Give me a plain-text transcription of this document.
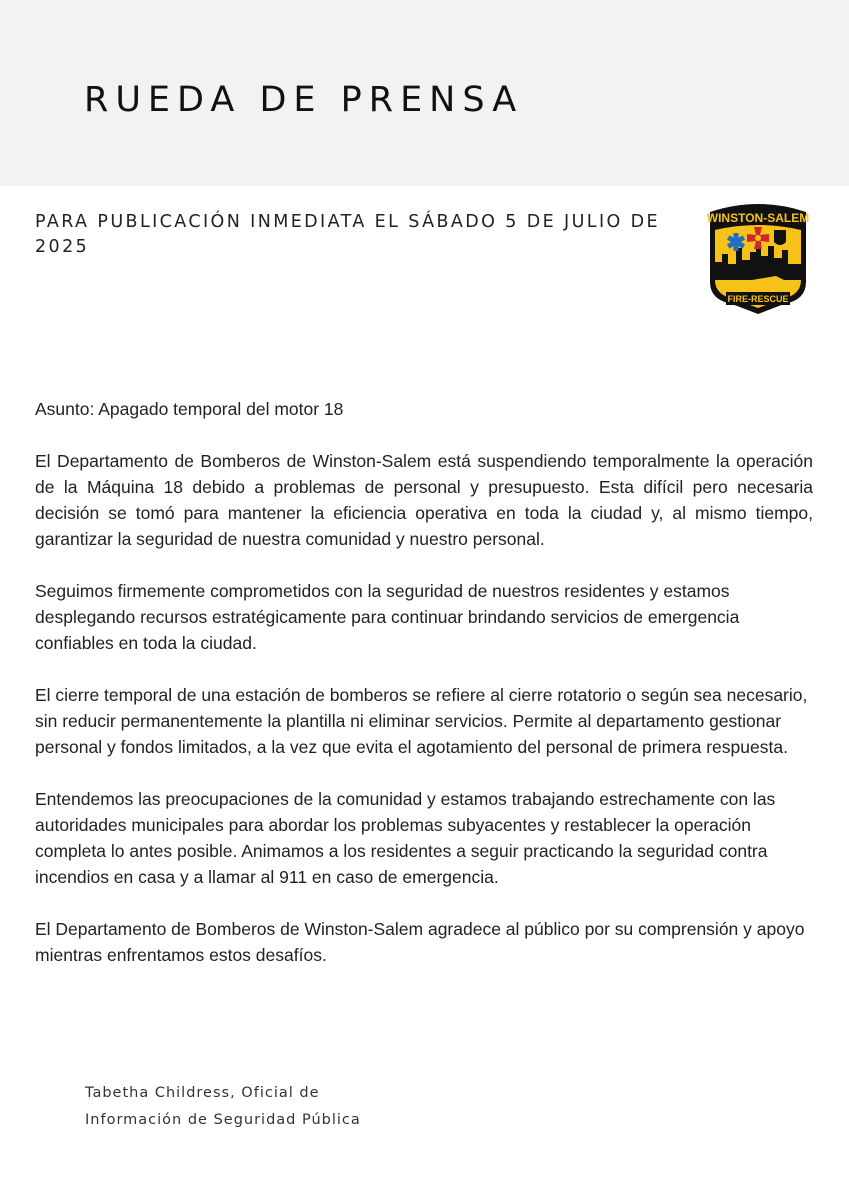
RUEDA DE PRENSA
PARA PUBLICACIÓN INMEDIATA EL SÁBADO 5 DE JULIO DE 2025
WINSTON-SALEM
FIRE-RESCUE

Asunto: Apagado temporal del motor 18

El Departamento de Bomberos de Winston-Salem está suspendiendo temporalmente la operación de la Máquina 18 debido a problemas de personal y presupuesto. Esta difícil pero necesaria decisión se tomó para mantener la eficiencia operativa en toda la ciudad y, al mismo tiempo, garantizar la seguridad de nuestra comunidad y nuestro personal.

Seguimos firmemente comprometidos con la seguridad de nuestros residentes y estamos desplegando recursos estratégicamente para continuar brindando servicios de emergencia confiables en toda la ciudad.

El cierre temporal de una estación de bomberos se refiere al cierre rotatorio o según sea necesario, sin reducir permanentemente la plantilla ni eliminar servicios. Permite al departamento gestionar personal y fondos limitados, a la vez que evita el agotamiento del personal de primera respuesta.

Entendemos las preocupaciones de la comunidad y estamos trabajando estrechamente con las autoridades municipales para abordar los problemas subyacentes y restablecer la operación completa lo antes posible. Animamos a los residentes a seguir practicando la seguridad contra incendios en casa y a llamar al 911 en caso de emergencia.

El Departamento de Bomberos de Winston-Salem agradece al público por su comprensión y apoyo mientras enfrentamos estos desafíos.

Tabetha Childress, Oficial de
Información de Seguridad Pública
